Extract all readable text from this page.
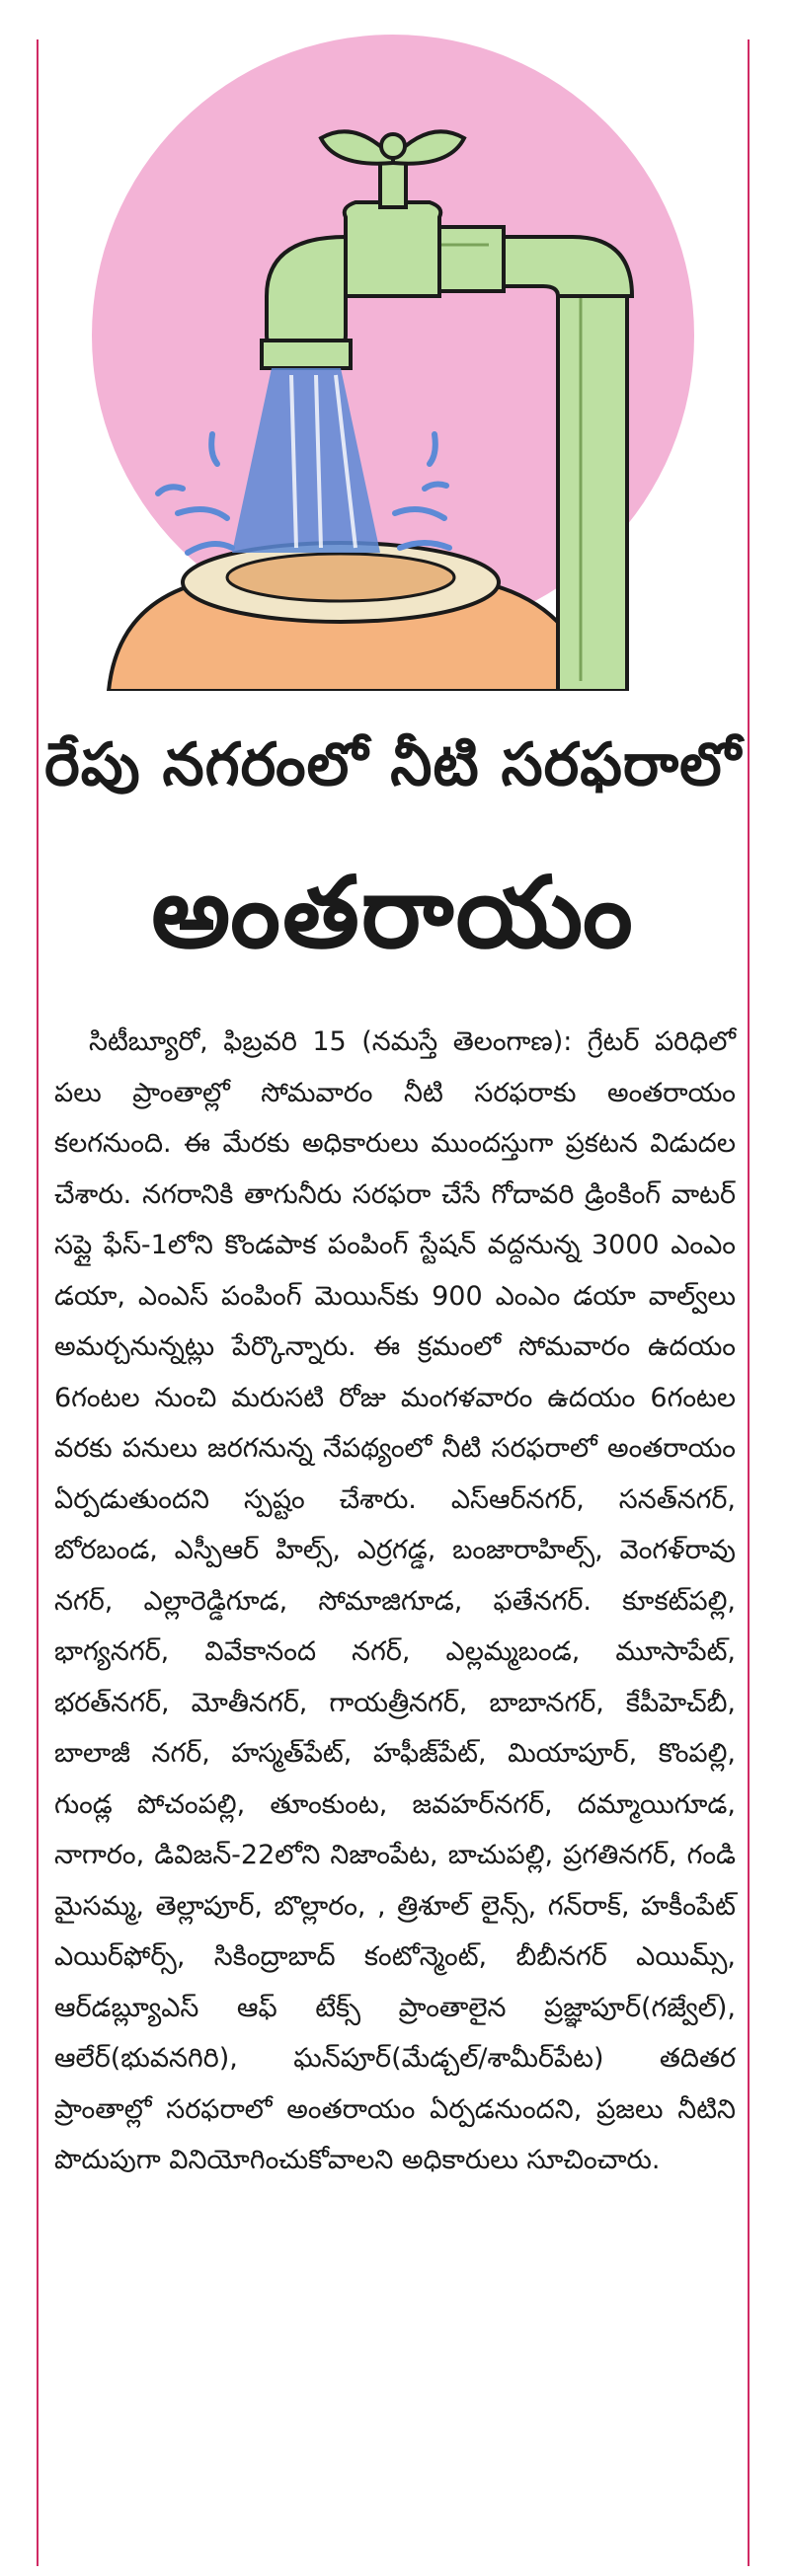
రేపు నగరంలో నీటి సరఫరాలో
అంతరాయం

సిటీబ్యూరో, ఫిబ్రవరి 15 (నమస్తే తెలంగాణ): గ్రేటర్ పరిధిలో పలు ప్రాంతాల్లో సోమవారం నీటి సరఫరాకు అంతరాయం కలగనుంది. ఈ మేరకు అధికారులు ముందస్తుగా ప్రకటన విడుదల చేశారు. నగరానికి తాగునీరు సరఫరా చేసే గోదావరి డ్రింకింగ్ వాటర్ సప్లై ఫేస్-1లోని కొండపాక పంపింగ్ స్టేషన్ వద్దనున్న 3000 ఎంఎం డయా, ఎంఎస్ పంపింగ్ మెయిన్‌కు 900 ఎంఎం డయా వాల్వ్‌లు అమర్చనున్నట్లు పేర్కొన్నారు. ఈ క్రమంలో సోమవారం ఉదయం 6గంటల నుంచి మరుసటి రోజు మంగళవారం ఉదయం 6గంటల వరకు పనులు జరగనున్న నేపథ్యంలో నీటి సరఫరాలో అంతరాయం ఏర్పడుతుందని స్పష్టం చేశారు. ఎస్ఆర్‌నగర్, సనత్‌నగర్, బోరబండ, ఎస్పీఆర్ హిల్స్, ఎర్రగడ్డ, బంజారాహిల్స్, వెంగళ్‌రావు నగర్, ఎల్లారెడ్డిగూడ, సోమాజిగూడ, ఫతేనగర్. కూకట్‌పల్లి, భాగ్యనగర్, వివేకానంద నగర్, ఎల్లమ్మబండ, మూసాపేట్, భరత్‌నగర్, మోతీనగర్, గాయత్రీనగర్, బాబానగర్, కేపీహెచ్‌బీ, బాలాజీ నగర్, హస్మత్‌పేట్, హఫీజ్‌పేట్, మియాపూర్, కొంపల్లి, గుండ్ల పోచంపల్లి, తూంకుంట, జవహర్‌నగర్, దమ్మాయిగూడ, నాగారం, డివిజన్-22లోని నిజాంపేట, బాచుపల్లి, ప్రగతినగర్, గండి మైసమ్మ, తెల్లాపూర్, బొల్లారం, , త్రిశూల్ లైన్స్, గన్‌రాక్, హకీంపేట్ ఎయిర్‌ఫోర్స్, సికింద్రాబాద్ కంటోన్మెంట్, బీబీనగర్ ఎయిమ్స్, ఆర్‌డబ్ల్యూఎస్ ఆఫ్ టేక్స్ ప్రాంతాలైన ప్రజ్ఞాపూర్(గజ్వేల్), ఆలేర్(భువనగిరి), ఘన్‌పూర్(మేడ్చల్/శామీర్‌పేట) తదితర ప్రాంతాల్లో సరఫరాలో అంతరాయం ఏర్పడనుందని, ప్రజలు నీటిని పొదుపుగా వినియోగించుకోవాలని అధికారులు సూచించారు.
